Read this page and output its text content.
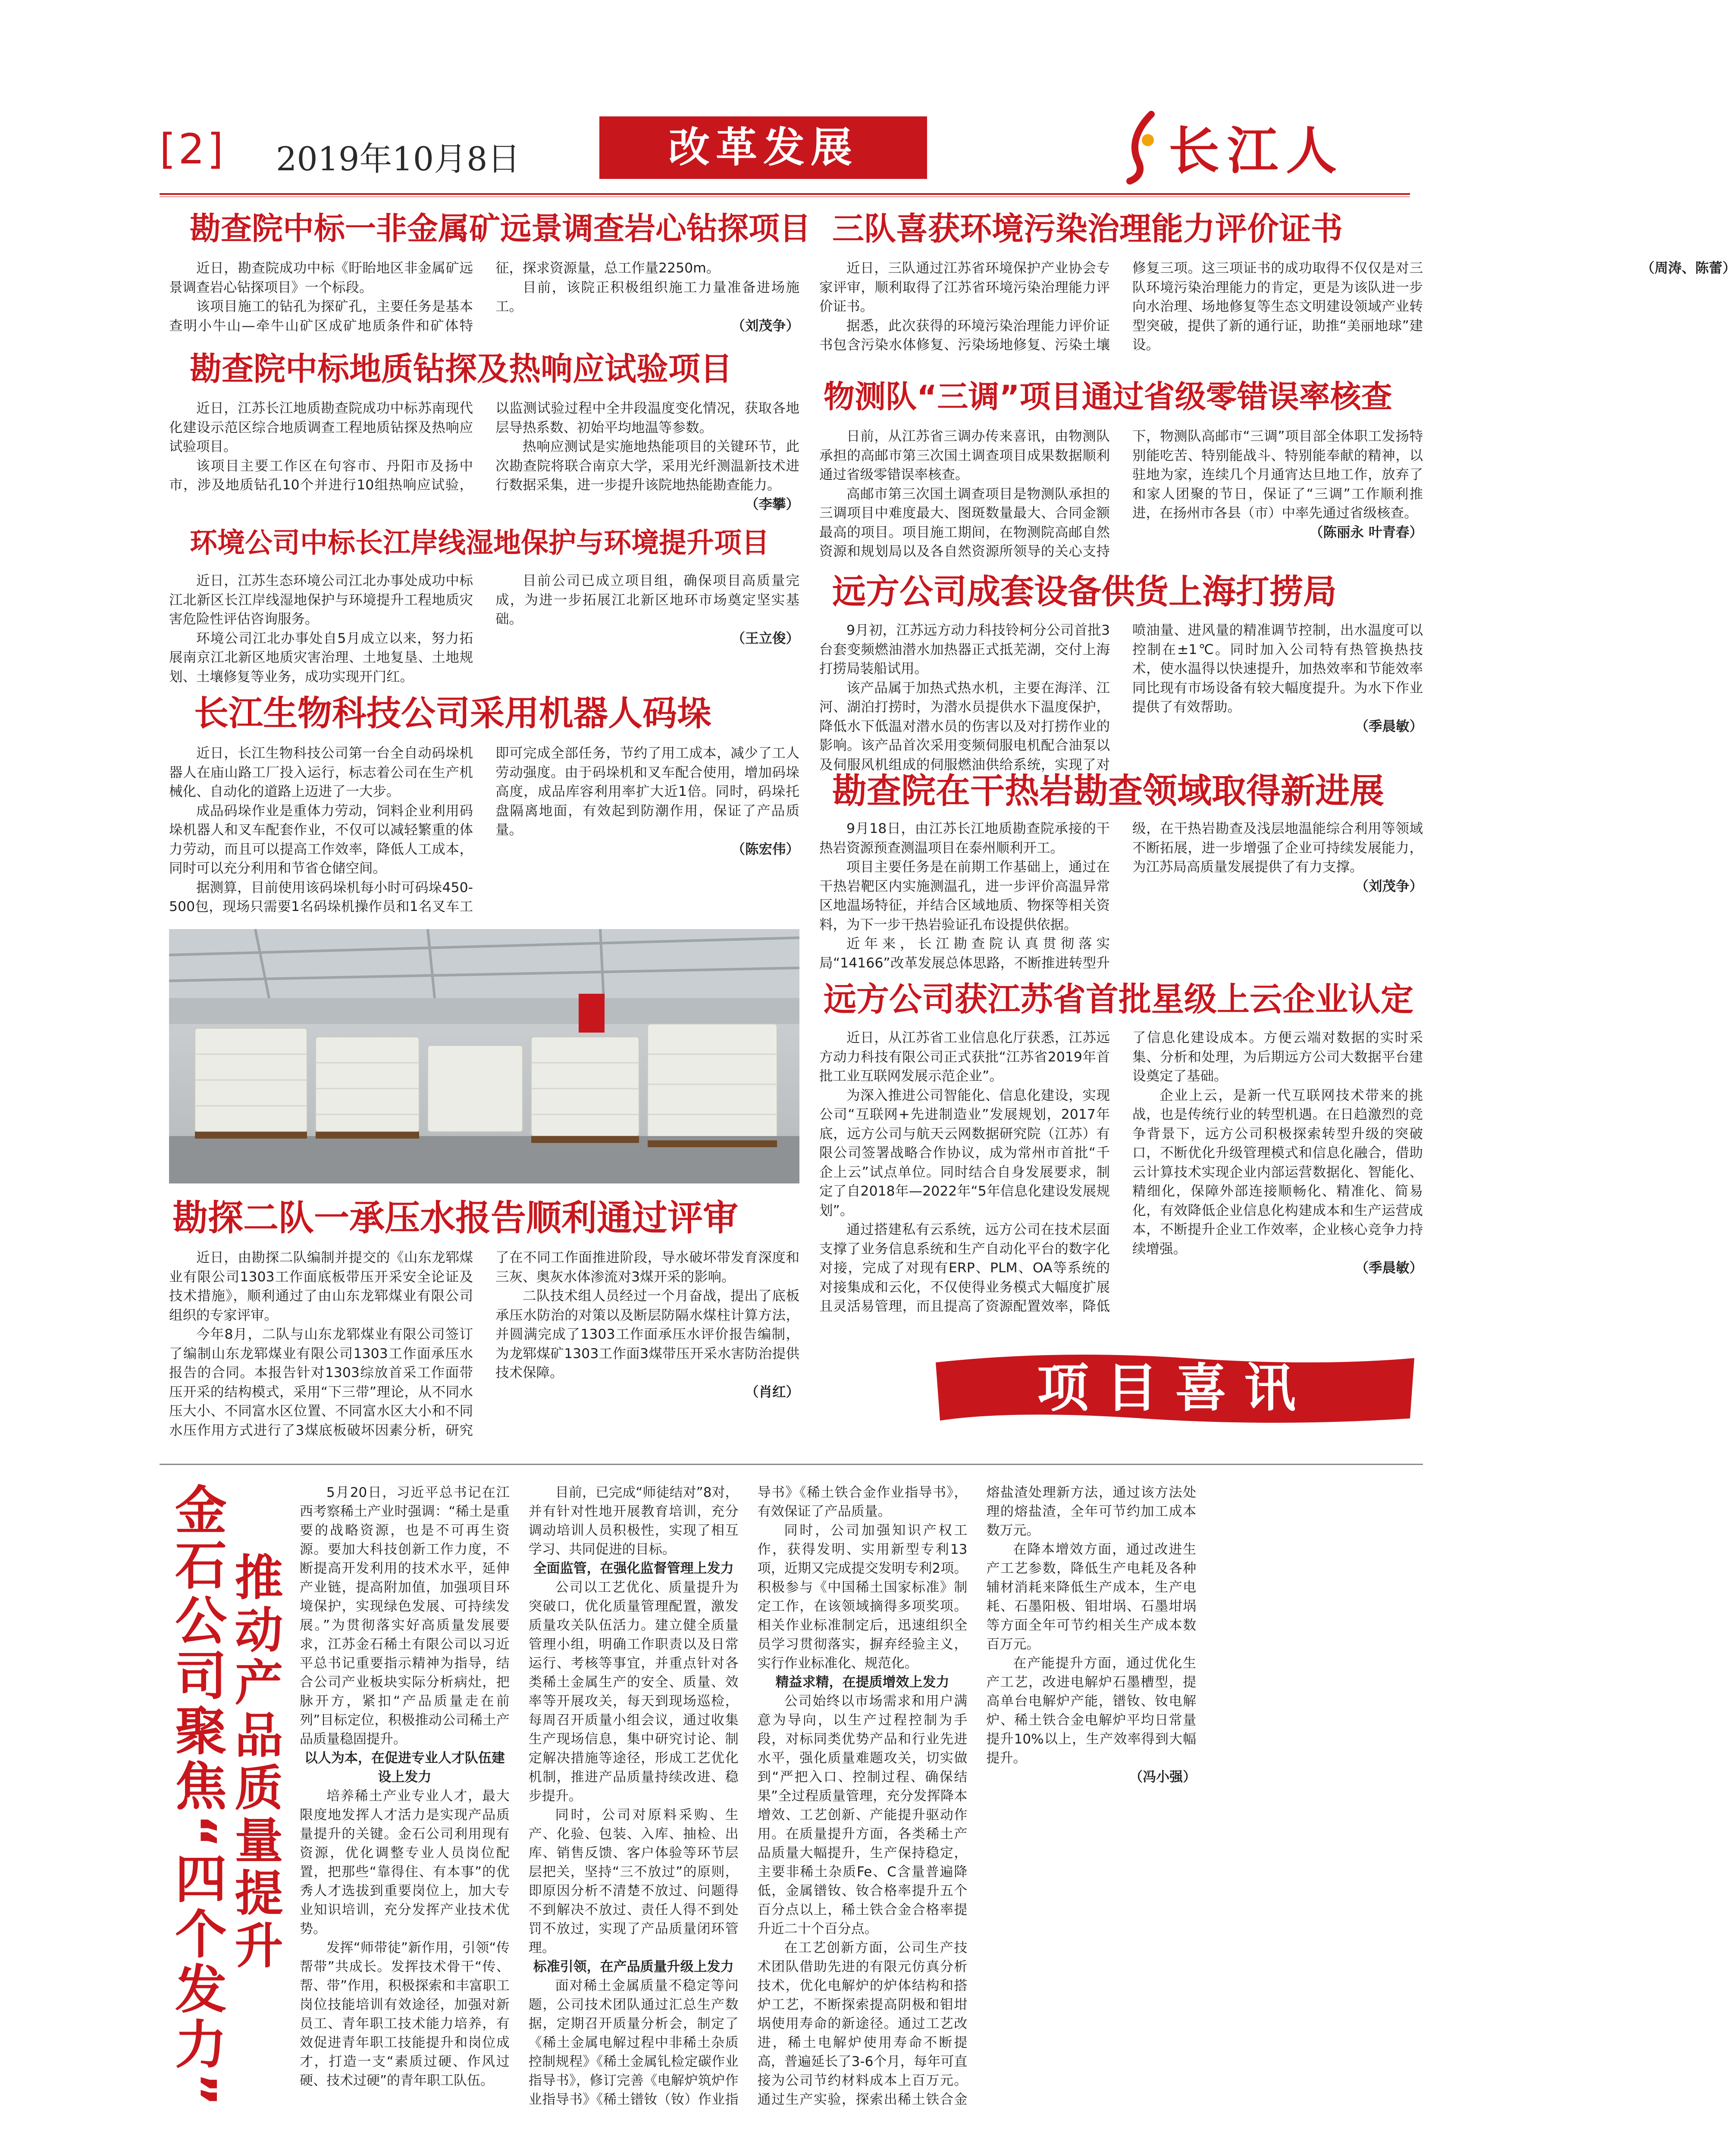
[2] 2019年10月8日	改革发展	长江人
勘查院中标一非金属矿远景调查岩心钻探项目

近日，勘查院成功中标《盱眙地区非金属矿远景调查岩心钻探项目》一个标段。

该项目施工的钻孔为探矿孔，主要任务是基本查明小牛山—牵牛山矿区成矿地质条件和矿体特征，探求资源量，总工作量2250m。

目前，该院正积极组织施工力量准备进场施工。

（刘茂争）

勘查院中标地质钻探及热响应试验项目

近日，江苏长江地质勘查院成功中标苏南现代化建设示范区综合地质调查工程地质钻探及热响应试验项目。

该项目主要工作区在句容市、丹阳市及扬中市，涉及地质钻孔10个并进行10组热响应试验，以监测试验过程中全井段温度变化情况，获取各地层导热系数、初始平均地温等参数。

热响应测试是实施地热能项目的关键环节，此次勘查院将联合南京大学，采用光纤测温新技术进行数据采集，进一步提升该院地热能勘查能力。

（李攀）

环境公司中标长江岸线湿地保护与环境提升项目

近日，江苏生态环境公司江北办事处成功中标江北新区长江岸线湿地保护与环境提升工程地质灾害危险性评估咨询服务。

环境公司江北办事处自5月成立以来，努力拓展南京江北新区地质灾害治理、土地复垦、土地规划、土壤修复等业务，成功实现开门红。

目前公司已成立项目组，确保项目高质量完成，为进一步拓展江北新区地环市场奠定坚实基础。

（王立俊）

长江生物科技公司采用机器人码垛

近日，长江生物科技公司第一台全自动码垛机器人在庙山路工厂投入运行，标志着公司在生产机械化、自动化的道路上迈进了一大步。

成品码垛作业是重体力劳动，饲料企业利用码垛机器人和叉车配套作业，不仅可以减轻繁重的体力劳动，而且可以提高工作效率，降低人工成本，同时可以充分利用和节省仓储空间。

据测算，目前使用该码垛机每小时可码垛450-500包，现场只需要1名码垛机操作员和1名叉车工即可完成全部任务，节约了用工成本，减少了工人劳动强度。由于码垛机和叉车配合使用，增加码垛高度，成品库容利用率扩大近1倍。同时，码垛托盘隔离地面，有效起到防潮作用，保证了产品质量。

（陈宏伟）

勘探二队一承压水报告顺利通过评审

近日，由勘探二队编制并提交的《山东龙郓煤业有限公司1303工作面底板带压开采安全论证及技术措施》，顺利通过了由山东龙郓煤业有限公司组织的专家评审。

今年8月，二队与山东龙郓煤业有限公司签订了编制山东龙郓煤业有限公司1303工作面承压水报告的合同。本报告针对1303综放首采工作面带压开采的结构模式，采用“下三带”理论，从不同水压大小、不同富水区位置、不同富水区大小和不同水压作用方式进行了3煤底板破坏因素分析，研究了在不同工作面推进阶段，导水破坏带发育深度和三灰、奥灰水体渗流对3煤开采的影响。

二队技术组人员经过一个月奋战，提出了底板承压水防治的对策以及断层防隔水煤柱计算方法，并圆满完成了1303工作面承压水评价报告编制，为龙郓煤矿1303工作面3煤带压开采水害防治提供技术保障。

（肖红）

三队喜获环境污染治理能力评价证书

近日，三队通过江苏省环境保护产业协会专家评审，顺利取得了江苏省环境污染治理能力评价证书。

据悉，此次获得的环境污染治理能力评价证书包含污染水体修复、污染场地修复、污染土壤修复三项。这三项证书的成功取得不仅仅是对三队环境污染治理能力的肯定，更是为该队进一步向水治理、场地修复等生态文明建设领域产业转型突破，提供了新的通行证，助推“美丽地球”建设。

（周涛、陈蕾）

物测队“三调”项目通过省级零错误率核查

日前，从江苏省三调办传来喜讯，由物测队承担的高邮市第三次国土调查项目成果数据顺利通过省级零错误率核查。

高邮市第三次国土调查项目是物测队承担的三调项目中难度最大、图斑数量最大、合同金额最高的项目。项目施工期间，在物测院高邮自然资源和规划局以及各自然资源所领导的关心支持下，物测队高邮市“三调”项目部全体职工发扬特别能吃苦、特别能战斗、特别能奉献的精神，以驻地为家，连续几个月通宵达旦地工作，放弃了和家人团聚的节日，保证了“三调”工作顺利推进，在扬州市各县（市）中率先通过省级核查。

（陈丽永 叶青春）

远方公司成套设备供货上海打捞局

9月初，江苏远方动力科技铃柯分公司首批3台套变频燃油潜水加热器正式抵芜湖，交付上海打捞局装船试用。

该产品属于加热式热水机，主要在海洋、江河、湖泊打捞时，为潜水员提供水下温度保护，降低水下低温对潜水员的伤害以及对打捞作业的影响。该产品首次采用变频伺服电机配合油泵以及伺服风机组成的伺服燃油供给系统，实现了对喷油量、进风量的精准调节控制，出水温度可以控制在±1℃。同时加入公司特有热管换热技术，使水温得以快速提升，加热效率和节能效率同比现有市场设备有较大幅度提升。为水下作业提供了有效帮助。

（季晨敏）

勘查院在干热岩勘查领域取得新进展

9月18日，由江苏长江地质勘查院承接的干热岩资源预查测温项目在泰州顺利开工。

项目主要任务是在前期工作基础上，通过在干热岩靶区内实施测温孔，进一步评价高温异常区地温场特征，并结合区域地质、物探等相关资料，为下一步干热岩验证孔布设提供依据。

近年来，长江勘查院认真贯彻落实局“14166”改革发展总体思路，不断推进转型升级，在干热岩勘查及浅层地温能综合利用等领域不断拓展，进一步增强了企业可持续发展能力，为江苏局高质量发展提供了有力支撑。

（刘茂争）

远方公司获江苏省首批星级上云企业认定

近日，从江苏省工业信息化厅获悉，江苏远方动力科技有限公司正式获批“江苏省2019年首批工业互联网发展示范企业”。

为深入推进公司智能化、信息化建设，实现公司“互联网+先进制造业”发展规划，2017年底，远方公司与航天云网数据研究院（江苏）有限公司签署战略合作协议，成为常州市首批“千企上云”试点单位。同时结合自身发展要求，制定了自2018年—2022年“5年信息化建设发展规划”。

通过搭建私有云系统，远方公司在技术层面支撑了业务信息系统和生产自动化平台的数字化对接，完成了对现有ERP、PLM、OA等系统的对接集成和云化，不仅使得业务模式大幅度扩展且灵活易管理，而且提高了资源配置效率，降低了信息化建设成本。方便云端对数据的实时采集、分析和处理，为后期远方公司大数据平台建设奠定了基础。

企业上云，是新一代互联网技术带来的挑战，也是传统行业的转型机遇。在日趋激烈的竞争背景下，远方公司积极探索转型升级的突破口，不断优化升级管理模式和信息化融合，借助云计算技术实现企业内部运营数据化、智能化、精细化，保障外部连接顺畅化、精准化、简易化，有效降低企业信息化构建成本和生产运营成本，不断提升企业工作效率，企业核心竞争力持续增强。

（季晨敏）

项目喜讯
金石公司聚焦“四个发力” 推动产品质量提升

5月20日，习近平总书记在江西考察稀土产业时强调：“稀土是重要的战略资源，也是不可再生资源。要加大科技创新工作力度，不断提高开发利用的技术水平，延伸产业链，提高附加值，加强项目环境保护，实现绿色发展、可持续发展。”为贯彻落实好高质量发展要求，江苏金石稀土有限公司以习近平总书记重要指示精神为指导，结合公司产业板块实际分析病灶，把脉开方，紧扣“产品质量走在前列”目标定位，积极推动公司稀土产品质量稳固提升。

以人为本，在促进专业人才队伍建设上发力

培养稀土产业专业人才，最大限度地发挥人才活力是实现产品质量提升的关键。金石公司利用现有资源，优化调整专业人员岗位配置，把那些“靠得住、有本事”的优秀人才选拔到重要岗位上，加大专业知识培训，充分发挥产业技术优势。

发挥“师带徒”新作用，引领“传帮带”共成长。发挥技术骨干“传、帮、带”作用，积极探索和丰富职工岗位技能培训有效途径，加强对新员工、青年职工技术能力培养，有效促进青年职工技能提升和岗位成才，打造一支“素质过硬、作风过硬、技术过硬”的青年职工队伍。

目前，已完成“师徒结对”8对，并有针对性地开展教育培训，充分调动培训人员积极性，实现了相互学习、共同促进的目标。

全面监管，在强化监督管理上发力

公司以工艺优化、质量提升为突破口，优化质量管理配置，激发质量攻关队伍活力。建立健全质量管理小组，明确工作职责以及日常运行、考核等事宜，并重点针对各类稀土金属生产的安全、质量、效率等开展攻关，每天到现场巡检，每周召开质量小组会议，通过收集生产现场信息，集中研究讨论、制定解决措施等途径，形成工艺优化机制，推进产品质量持续改进、稳步提升。

同时，公司对原料采购、生产、化验、包装、入库、抽检、出库、销售反馈、客户体验等环节层层把关，坚持“三不放过”的原则，即原因分析不清楚不放过、问题得不到解决不放过、责任人得不到处罚不放过，实现了产品质量闭环管理。

标准引领，在产品质量升级上发力

面对稀土金属质量不稳定等问题，公司技术团队通过汇总生产数据，定期召开质量分析会，制定了《稀土金属电解过程中非稀土杂质控制规程》《稀土金属钆检定碳作业指导书》，修订完善《电解炉筑炉作业指导书》《稀土镨钕（钕）作业指导书》《稀土铁合金作业指导书》，有效保证了产品质量。

同时，公司加强知识产权工作，获得发明、实用新型专利13项，近期又完成提交发明专利2项。积极参与《中国稀土国家标准》制定工作，在该领域摘得多项奖项。相关作业标准制定后，迅速组织全员学习贯彻落实，摒弃经验主义，实行作业标准化、规范化。

精益求精，在提质增效上发力

公司始终以市场需求和用户满意为导向，以生产过程控制为手段，对标同类优势产品和行业先进水平，强化质量难题攻关，切实做到“严把入口、控制过程、确保结果”全过程质量管理，充分发挥降本增效、工艺创新、产能提升驱动作用。在质量提升方面，各类稀土产品质量大幅提升，生产保持稳定，主要非稀土杂质Fe、C含量普遍降低，金属镨钕、钕合格率提升五个百分点以上，稀土铁合金合格率提升近二十个百分点。

在工艺创新方面，公司生产技术团队借助先进的有限元仿真分析技术，优化电解炉的炉体结构和搭炉工艺，不断探索提高阴极和钼坩埚使用寿命的新途径。通过工艺改进，稀土电解炉使用寿命不断提高，普遍延长了3-6个月，每年可直接为公司节约材料成本上百万元。通过生产实验，探索出稀土铁合金熔盐渣处理新方法，通过该方法处理的熔盐渣，全年可节约加工成本数万元。

在降本增效方面，通过改进生产工艺参数，降低生产电耗及各种辅材消耗来降低生产成本，生产电耗、石墨阳极、钼坩埚、石墨坩埚等方面全年可节约相关生产成本数百万元。

在产能提升方面，通过优化生产工艺，改进电解炉石墨槽型，提高单台电解炉产能，镨钕、钕电解炉、稀土铁合金电解炉平均日常量提升10%以上，生产效率得到大幅提升。

（冯小强）
